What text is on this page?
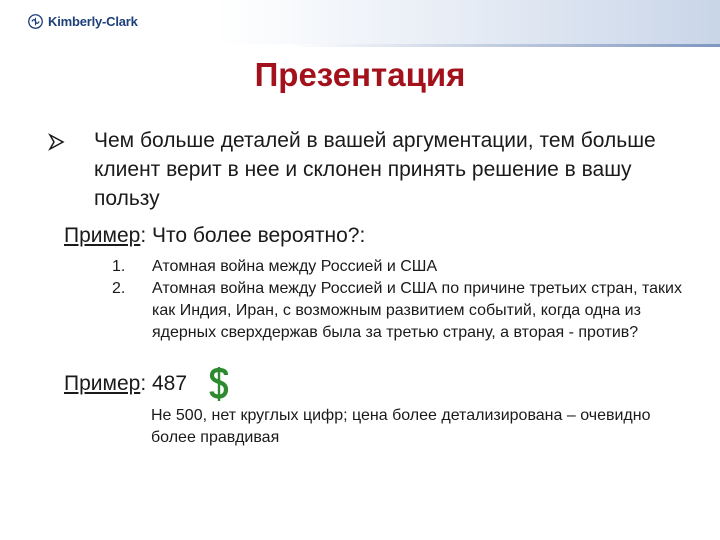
Kimberly-Clark
Презентация
Чем больше деталей в вашей аргументации, тем больше клиент верит в нее и склонен принять решение в вашу пользу
Пример: Что более вероятно?:
1.	Атомная война между Россией и США
2.	Атомная война между Россией и США по причине третьих стран, таких как Индия, Иран, с возможным развитием событий, когда одна из ядерных сверхдержав была за третью страну, а вторая - против?
Пример: 487
Не 500, нет круглых цифр; цена более детализирована – очевидно более правдивая
